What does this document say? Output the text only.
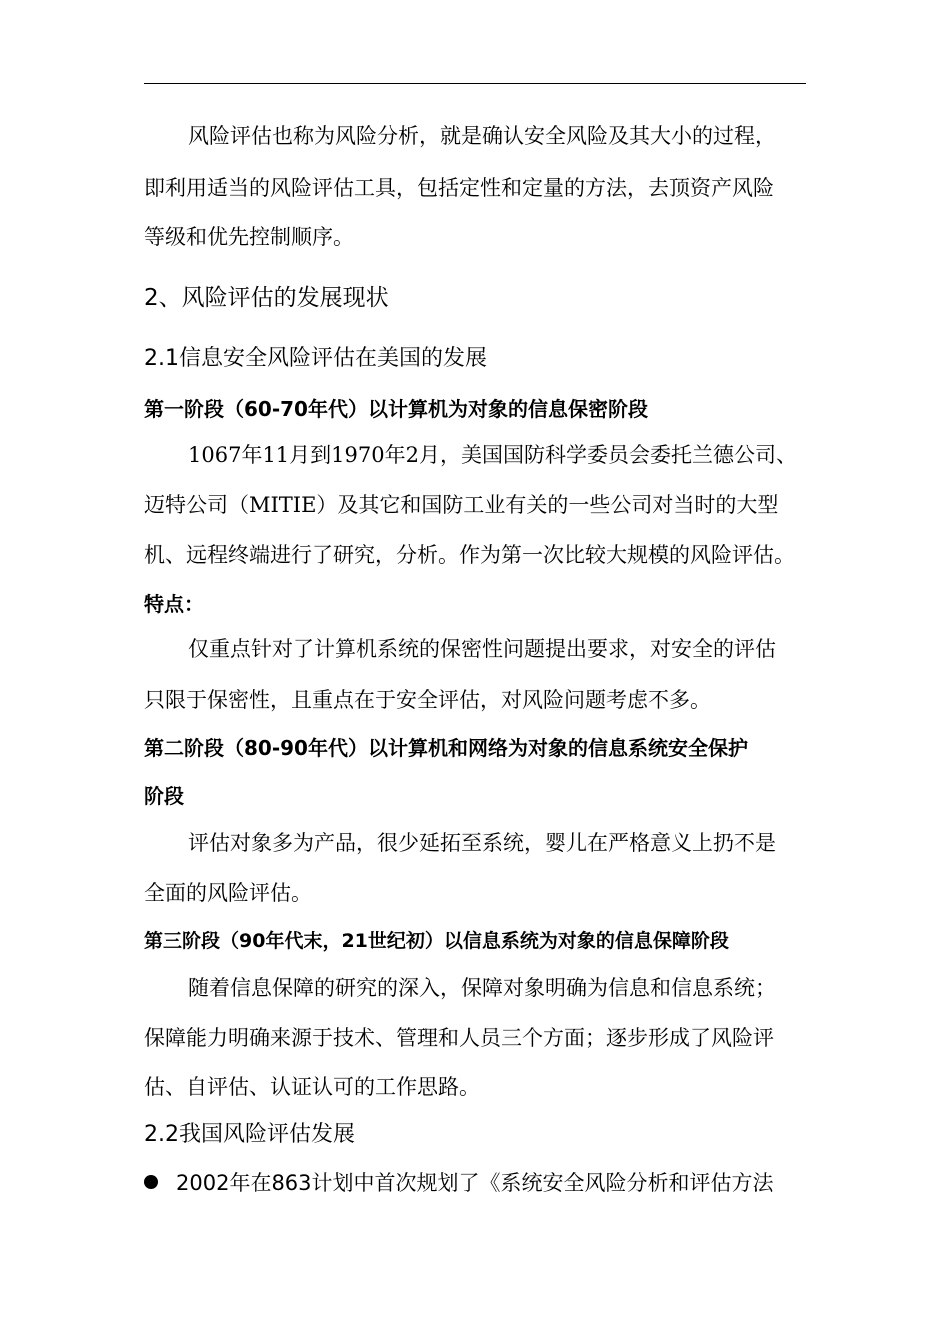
风险评估也称为风险分析，就是确认安全风险及其大小的过程，
即利用适当的风险评估工具，包括定性和定量的方法，去顶资产风险
等级和优先控制顺序。
2、风险评估的发展现状
2.1信息安全风险评估在美国的发展
第一阶段（60-70年代）以计算机为对象的信息保密阶段
1067年11月到1970年2月，美国国防科学委员会委托兰德公司、
迈特公司（MITIE）及其它和国防工业有关的一些公司对当时的大型
机、远程终端进行了研究，分析。作为第一次比较大规模的风险评估。
特点：
仅重点针对了计算机系统的保密性问题提出要求，对安全的评估
只限于保密性，且重点在于安全评估，对风险问题考虑不多。
第二阶段（80-90年代）以计算机和网络为对象的信息系统安全保护
阶段
评估对象多为产品，很少延拓至系统，婴儿在严格意义上扔不是
全面的风险评估。
第三阶段（90年代末，21世纪初）以信息系统为对象的信息保障阶段
随着信息保障的研究的深入，保障对象明确为信息和信息系统；
保障能力明确来源于技术、管理和人员三个方面；逐步形成了风险评
估、自评估、认证认可的工作思路。
2.2我国风险评估发展
2002年在863计划中首次规划了《系统安全风险分析和评估方法
